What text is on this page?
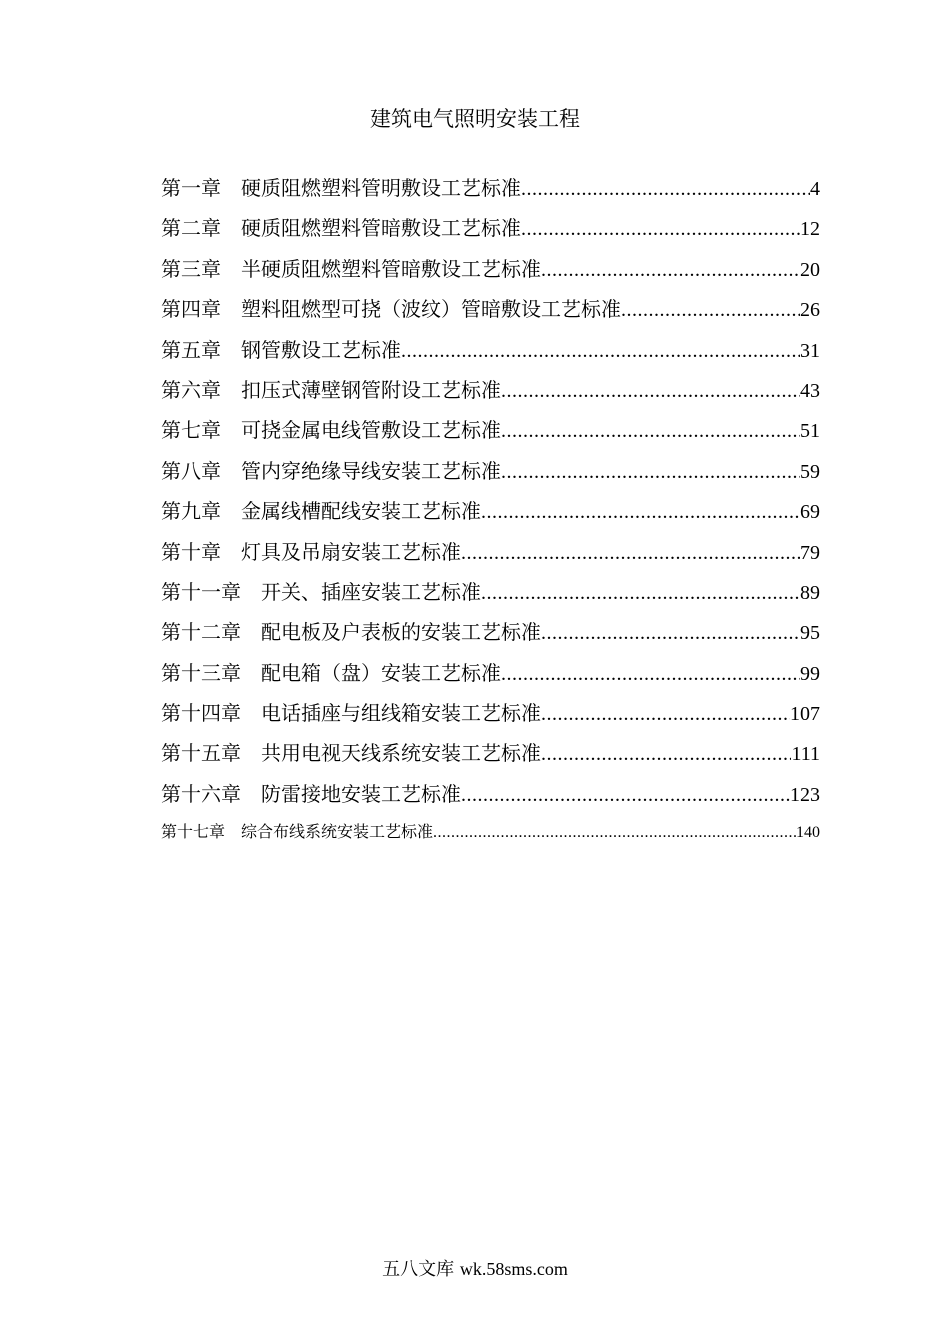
建筑电气照明安装工程
第一章 硬质阻燃塑料管明敷设工艺标准 .....	4
第二章 硬质阻燃塑料管暗敷设工艺标准 .....	12
第三章 半硬质阻燃塑料管暗敷设工艺标准 .....	20
第四章 塑料阻燃型可挠（波纹）管暗敷设工艺标准 .....	26
第五章 钢管敷设工艺标准 .....	31
第六章 扣压式薄壁钢管附设工艺标准 .....	43
第七章 可挠金属电线管敷设工艺标准 .....	51
第八章 管内穿绝缘导线安装工艺标准 .....	59
第九章 金属线槽配线安装工艺标准 .....	69
第十章 灯具及吊扇安装工艺标准 .....	79
第十一章 开关、插座安装工艺标准 .....	89
第十二章 配电板及户表板的安装工艺标准 .....	95
第十三章 配电箱（盘）安装工艺标准 .....	99
第十四章 电话插座与组线箱安装工艺标准 .....	107
第十五章 共用电视天线系统安装工艺标准 .....	111
第十六章 防雷接地安装工艺标准 .....	123
第十七章 综合布线系统安装工艺标准 .....	140
五八文库 wk.58sms.com
